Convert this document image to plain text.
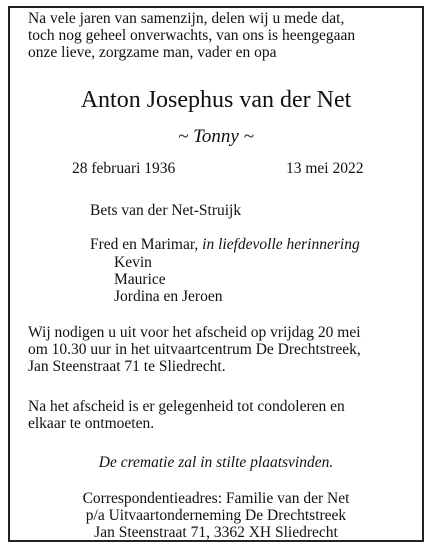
Na vele jaren van samenzijn, delen wij u mede dat,
toch nog geheel onverwachts, van ons is heengegaan
onze lieve, zorgzame man, vader en opa
Anton Josephus van der Net
~ Tonny ~
28 februari 1936	13 mei 2022
Bets van der Net-Struijk
Fred en Marimar, in liefdevolle herinnering
Kevin
Maurice
Jordina en Jeroen
Wij nodigen u uit voor het afscheid op vrijdag 20 mei
om 10.30 uur in het uitvaartcentrum De Drechtstreek,
Jan Steenstraat 71 te Sliedrecht.
Na het afscheid is er gelegenheid tot condoleren en
elkaar te ontmoeten.
De crematie zal in stilte plaatsvinden.
Correspondentieadres: Familie van der Net
p/a Uitvaartonderneming De Drechtstreek
Jan Steenstraat 71, 3362 XH Sliedrecht
